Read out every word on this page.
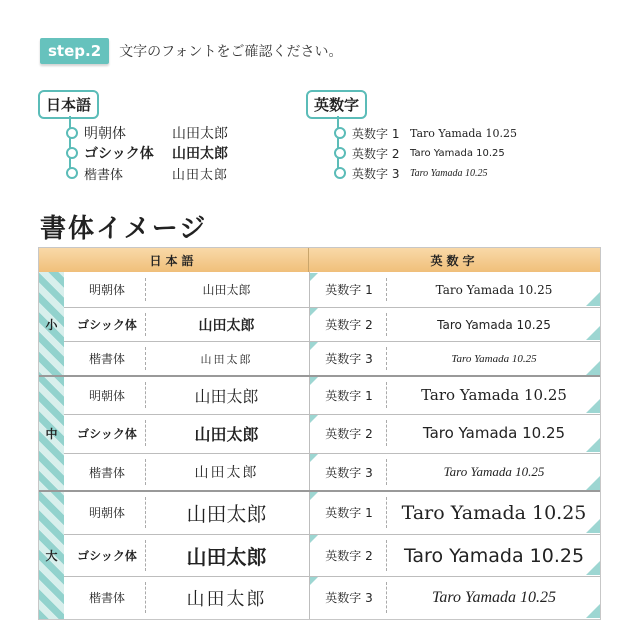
step.2	文字のフォントをご確認ください。
日本語
明朝体	山田太郎
ゴシック体 山田太郎
楷書体	山田太郎
英数字
英数字 1 Taro Yamada 10.25
英数字 2 Taro Yamada 10.25
英数字 3 Taro Yamada 10.25
書体イメージ
日本語	英数字
小
明朝体	山田太郎	英数字 1	Taro Yamada 10.25
ゴシック体	山田太郎	英数字 2	Taro Yamada 10.25
楷書体	山田太郎	英数字 3	Taro Yamada 10.25
中
明朝体	山田太郎	英数字 1	Taro Yamada 10.25
ゴシック体	山田太郎	英数字 2	Taro Yamada 10.25
楷書体	山田太郎	英数字 3	Taro Yamada 10.25
大
明朝体	山田太郎	英数字 1	Taro Yamada 10.25
ゴシック体	山田太郎	英数字 2	Taro Yamada 10.25
楷書体	山田太郎	英数字 3	Taro Yamada 10.25
